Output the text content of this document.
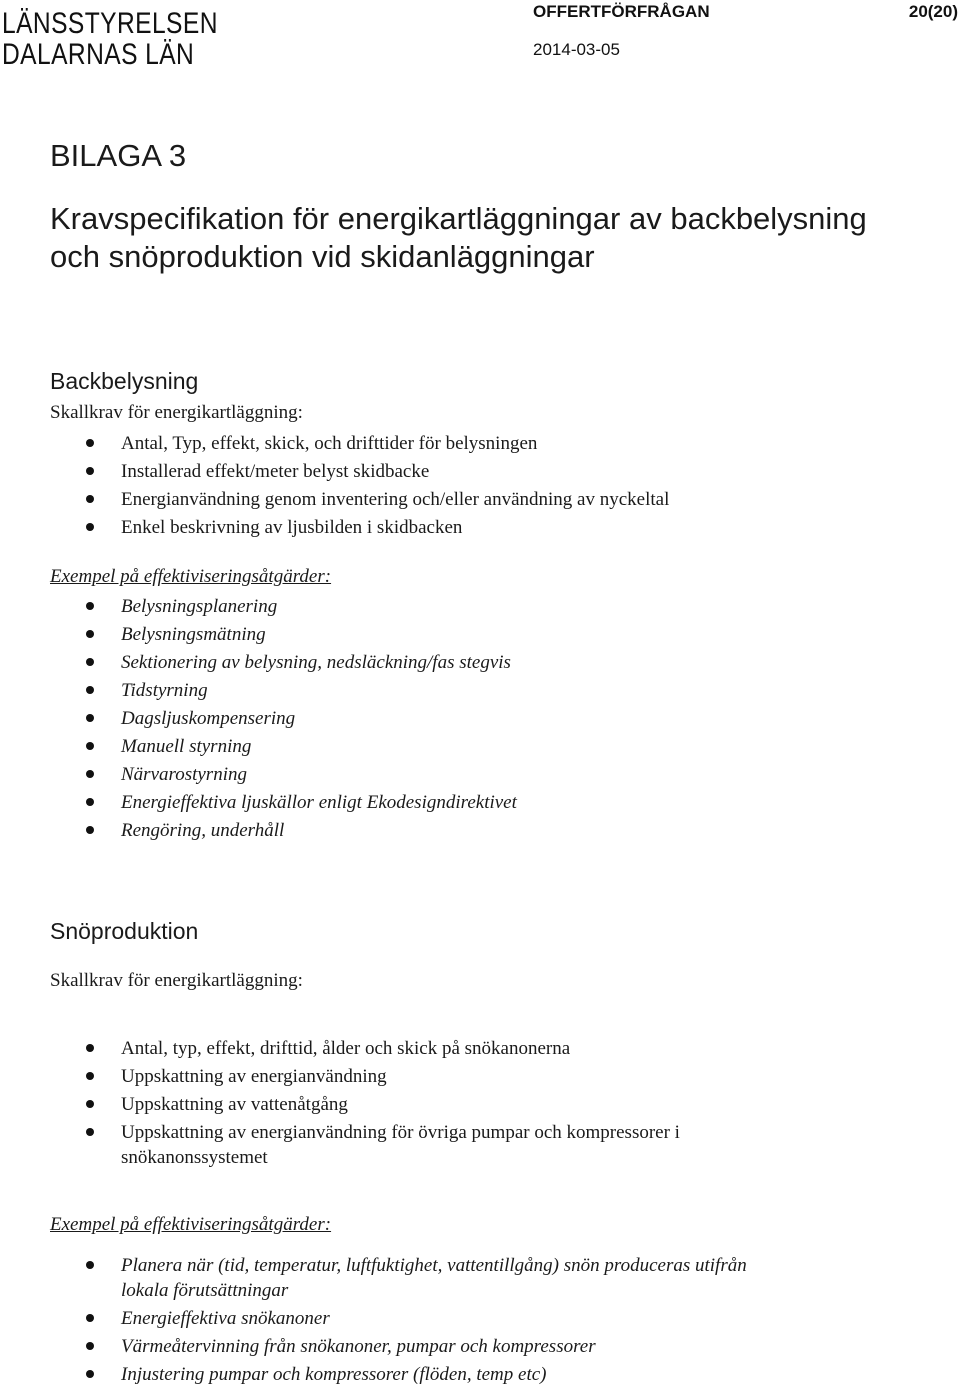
LÄNSSTYRELSEN
DALARNAS LÄN
OFFERTFÖRFRÅGAN	20(20)
2014-03-05
BILAGA 3
Kravspecifikation för energikartläggningar av backbelysning och snöproduktion vid skidanläggningar
Backbelysning
Skallkrav för energikartläggning:
Antal, Typ, effekt, skick, och drifttider för belysningen
Installerad effekt/meter belyst skidbacke
Energianvändning genom inventering och/eller användning av nyckeltal
Enkel beskrivning av ljusbilden i skidbacken
Exempel på effektiviseringsåtgärder:
Belysningsplanering
Belysningsmätning
Sektionering av belysning, nedsläckning/fas stegvis
Tidstyrning
Dagsljuskompensering
Manuell styrning
Närvarostyrning
Energieffektiva ljuskällor enligt Ekodesigndirektivet
Rengöring, underhåll
Snöproduktion
Skallkrav för energikartläggning:
Antal, typ, effekt, drifttid, ålder och skick på snökanonerna
Uppskattning av energianvändning
Uppskattning av vattenåtgång
Uppskattning av energianvändning för övriga pumpar och kompressorer i snökanonssystemet
Exempel på effektiviseringsåtgärder:
Planera när (tid, temperatur, luftfuktighet, vattentillgång) snön produceras utifrån lokala förutsättningar
Energieffektiva snökanoner
Värmeåtervinning från snökanoner, pumpar och kompressorer
Injustering pumpar och kompressorer (flöden, temp etc)
